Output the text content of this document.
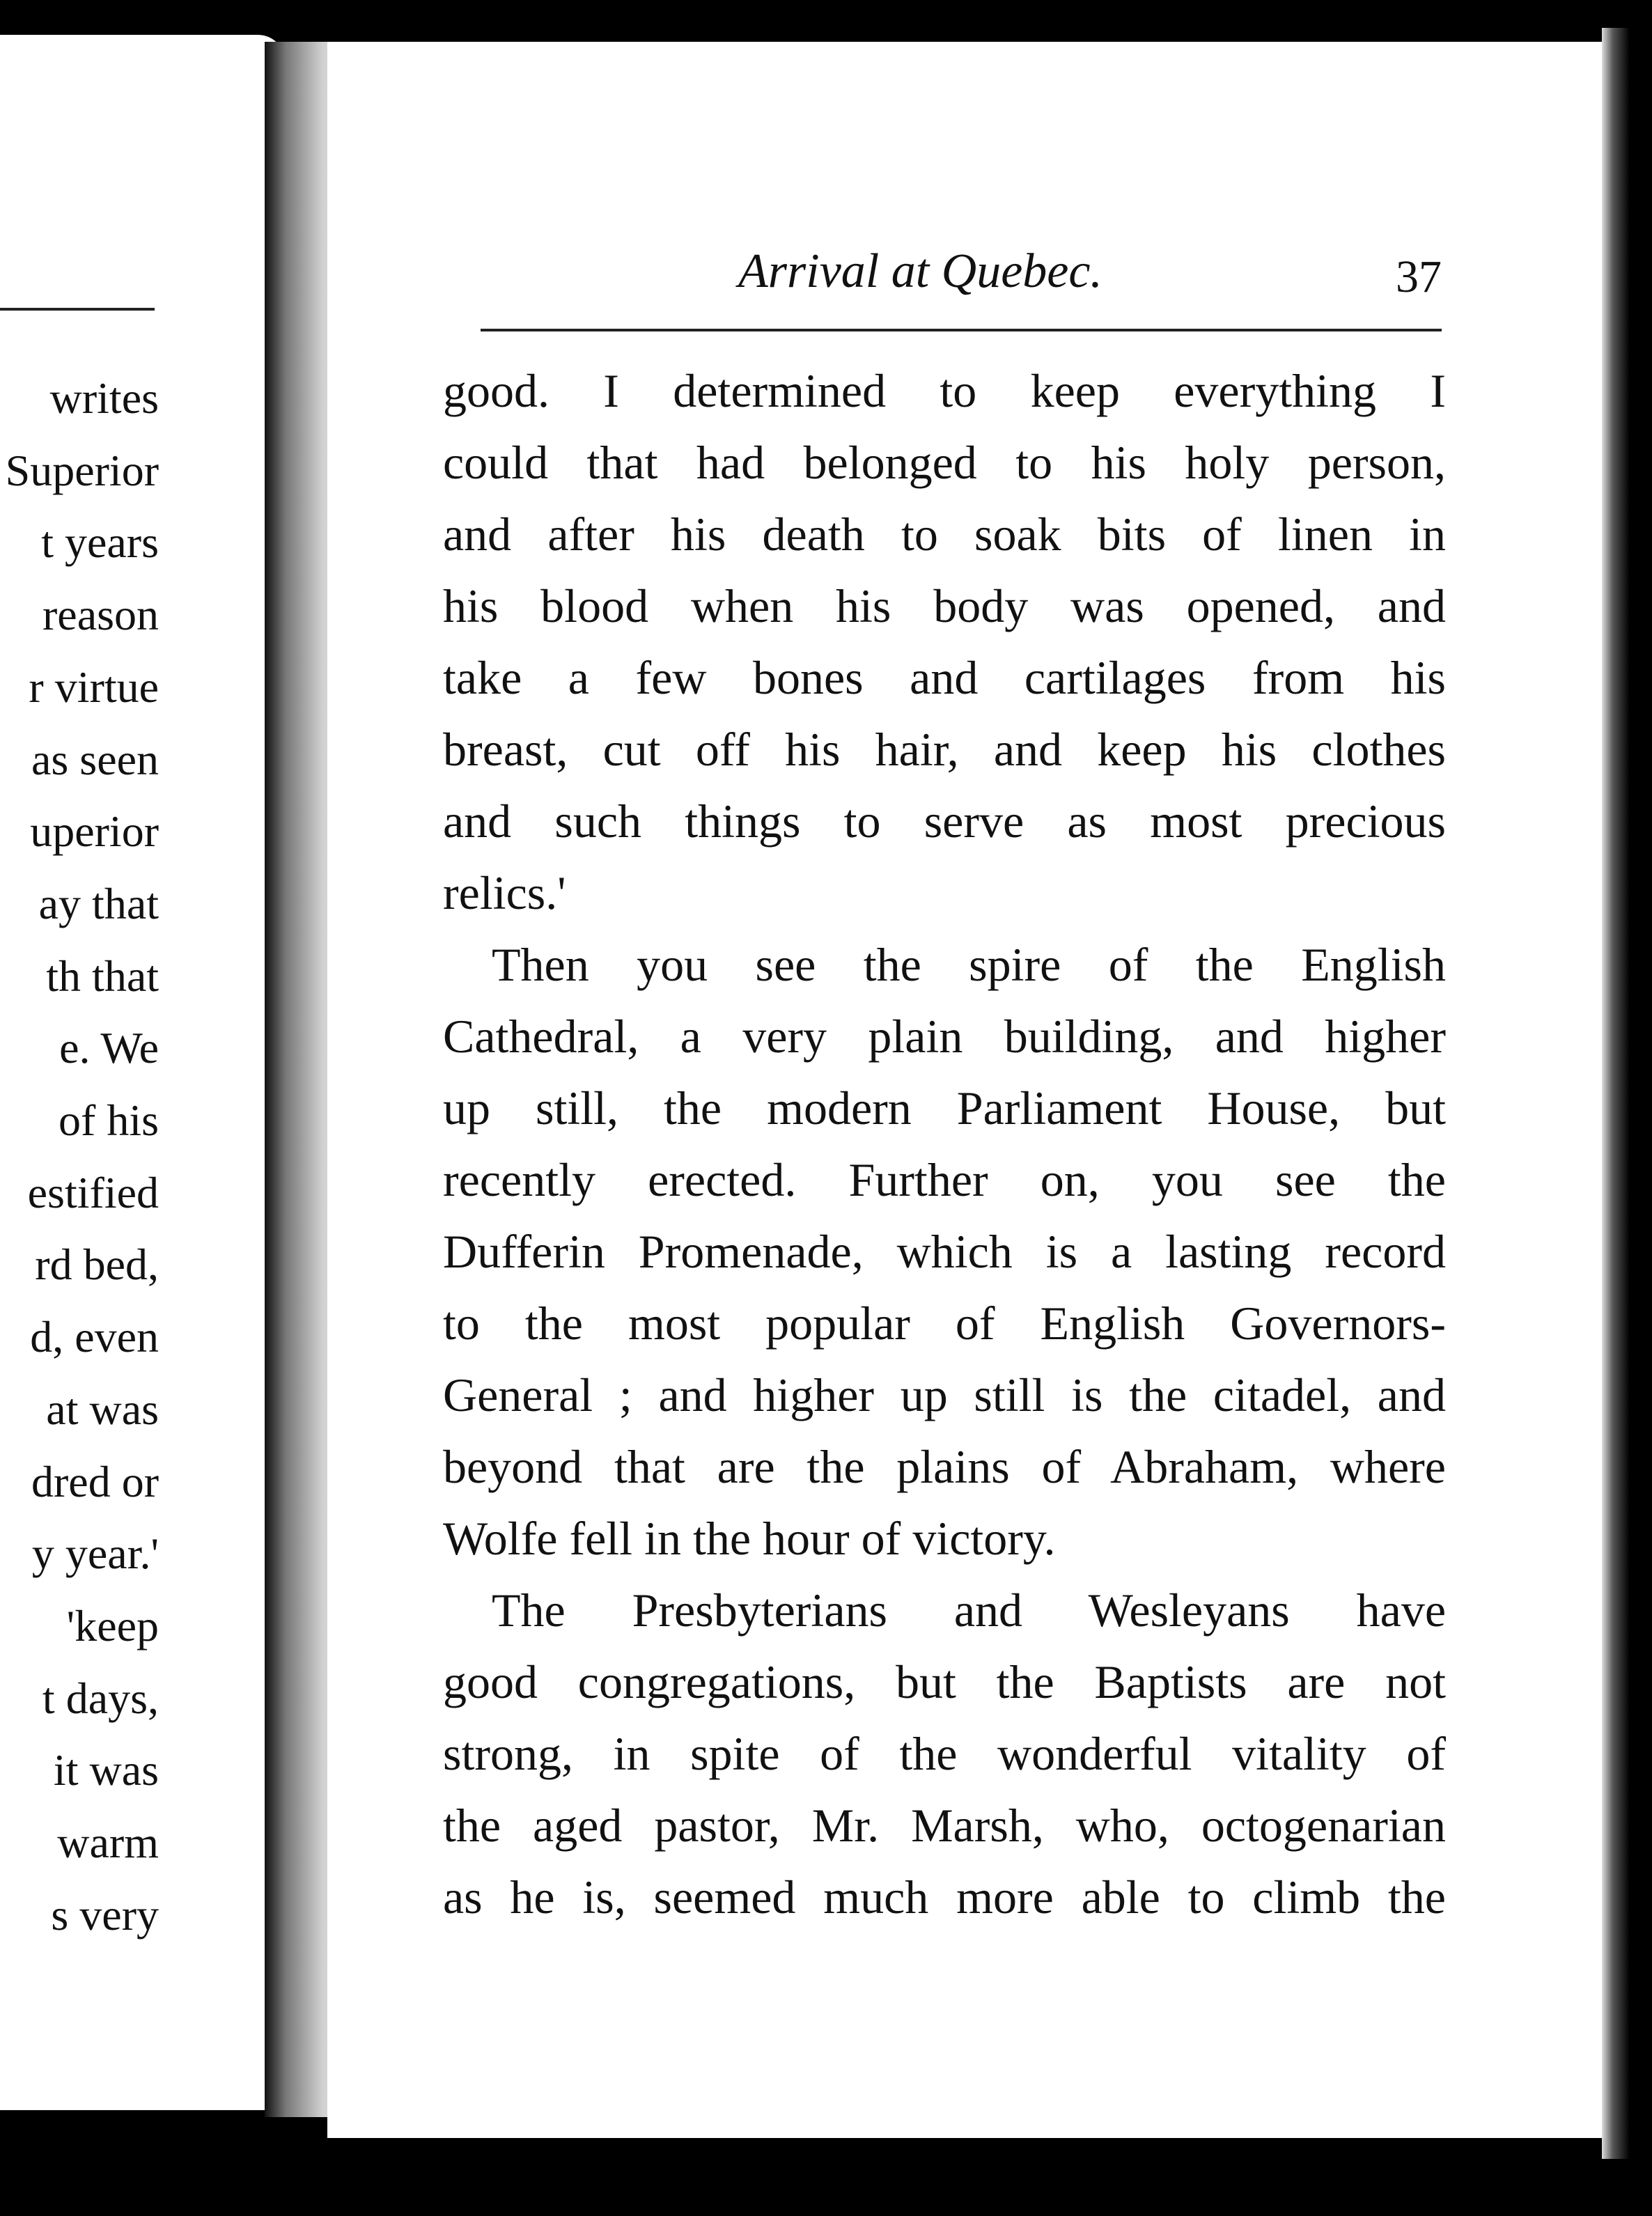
writes
Superior
t years
reason
r virtue
as seen
uperior
ay that
th that
e. We
of his
estified
rd bed,
d, even
at was
dred or
y year.'
'keep
t days,
it was
warm
s very
Arrival at Quebec.	37
good. I determined to keep everything I
could that had belonged to his holy person,
and after his death to soak bits of linen in
his blood when his body was opened, and
take a few bones and cartilages from his
breast, cut off his hair, and keep his clothes
and such things to serve as most precious
relics.'
Then you see the spire of the English
Cathedral, a very plain building, and higher
up still, the modern Parliament House, but
recently erected. Further on, you see the
Dufferin Promenade, which is a lasting record
to the most popular of English Governors-
General ; and higher up still is the citadel, and
beyond that are the plains of Abraham, where
Wolfe fell in the hour of victory.
The Presbyterians and Wesleyans have
good congregations, but the Baptists are not
strong, in spite of the wonderful vitality of
the aged pastor, Mr. Marsh, who, octogenarian
as he is, seemed much more able to climb the
